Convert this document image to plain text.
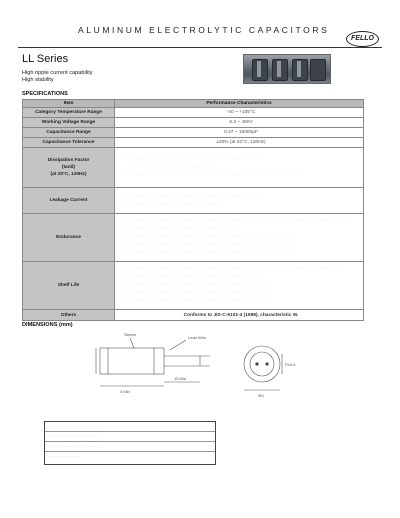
ALUMINUM ELECTROLYTIC CAPACITORS
FELLO
LL Series
High ripple current capability
High stability
SPECIFICATIONS
Item	Performance Characteristics
Category Temperature Range	-40 ~ +105°C
Working Voltage Range	6.3 ~ 450V
Capacitance Range	0.47 ~ 15000µF
Capacitance Tolerance	±20% (at 20°C, 120Hz)
Dissipation Factor
(tanδ)
(at 20°C, 120Hz)	· · · · · · · · · · · · · · · · · · · · · · · ·
· · · · · · · · · · · · · · ·
· · · · · · · · · · · · · · · · · · · · · · · · · · · · · · ·

Leakage Current	· · · · · · · · · · · · · · · · · · · · · · · · ·
· · · · · · · · · · · · · · · · · ·

Endurance	· · · · · · · · · · · · · · · · · · · · · · · · · · · · · · · · · · · · · · ·
· · · · · · · · · · · · · · · · · · · ·
· · · · · · · · · · · · · · · · · · · · · · · · · · · · · ·
· · · · · · · · · · · · · · · · · · · · · · · · · · · · · ·
· · · · · · · · · · · · · · · · · · · · · · · · · · · · · ·

Shelf Life	· · · · · · · · · · · · · · · · · · · · · · · · · · · · · · · · · · · · · ·
· · · · · · · · · · · · · · · · · · · · · · · ·
· · · · · · · · · · · · · · · · · · · · · · · · · ·
· · · · · · · · · · · · · · · · · · · · · · · · · ·
· · · · · · · · · · · · · · · · · · · · · · · · · ·

Others	Conforms to JIS-C-5101-4 (1998), characteristic W.
DIMENSIONS (mm)
Sleeve
Lead Wire
4 Min
15 Min
P±0.5
ΦD
· · · · · · · · · · · · · · · · · · · · · · · ·
· · · · · · · · · · · · · · · · · · · ·
· · · · · · · · · · · · · · · · · · · · · ·
· · · · · · · · · · · · ·
